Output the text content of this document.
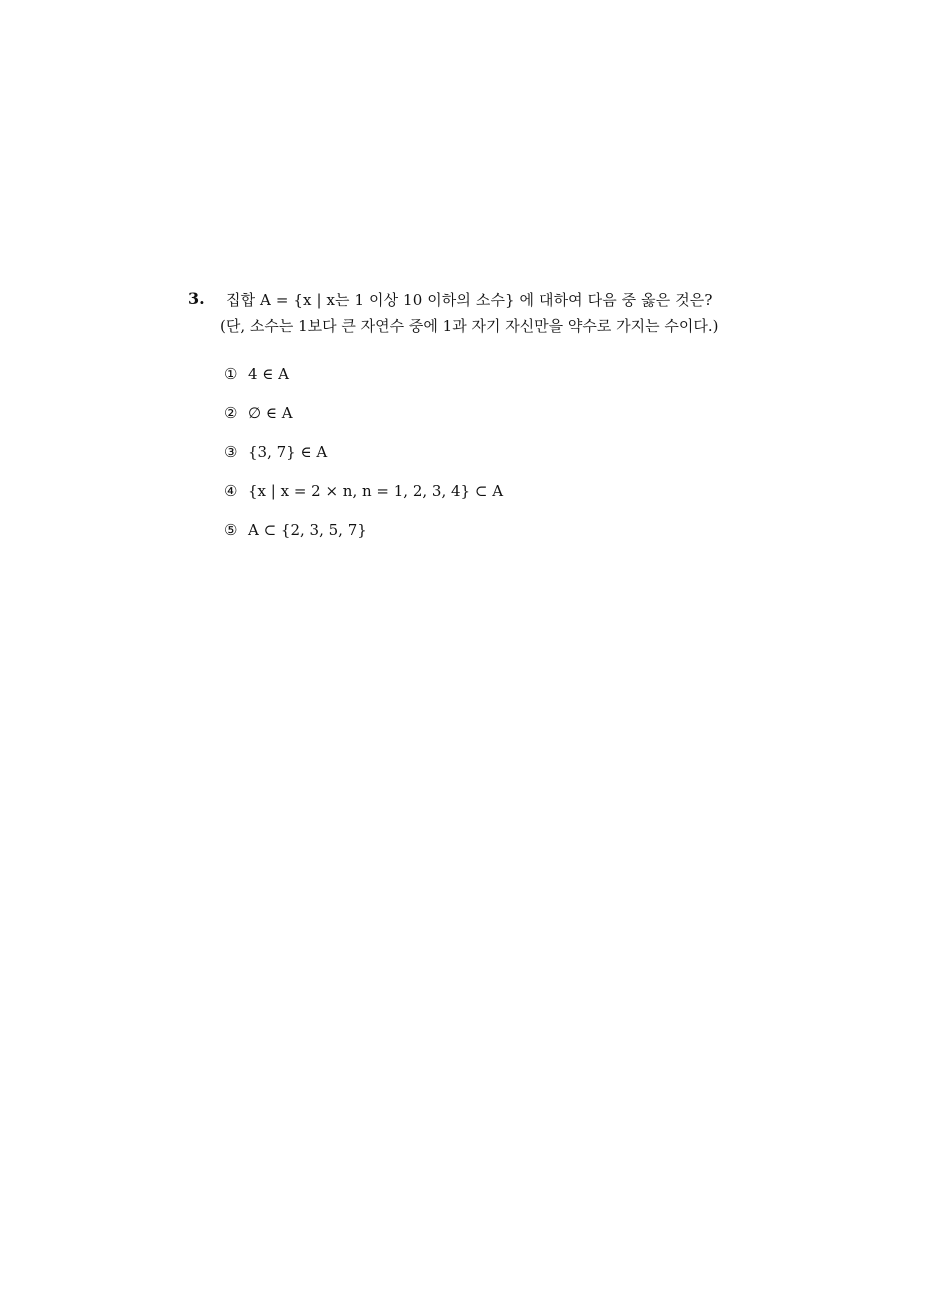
3. 집합 A = {x | x는 1 이상 10 이하의 소수} 에 대하여 다음 중 옳은 것은?
(단, 소수는 1보다 큰 자연수 중에 1과 자기 자신만을 약수로 가지는 수이다.)
① 4 ∈ A
② ∅ ∈ A
③ {3, 7} ∈ A
④ {x | x = 2 × n, n = 1, 2, 3, 4} ⊂ A
⑤ A ⊂ {2, 3, 5, 7}
